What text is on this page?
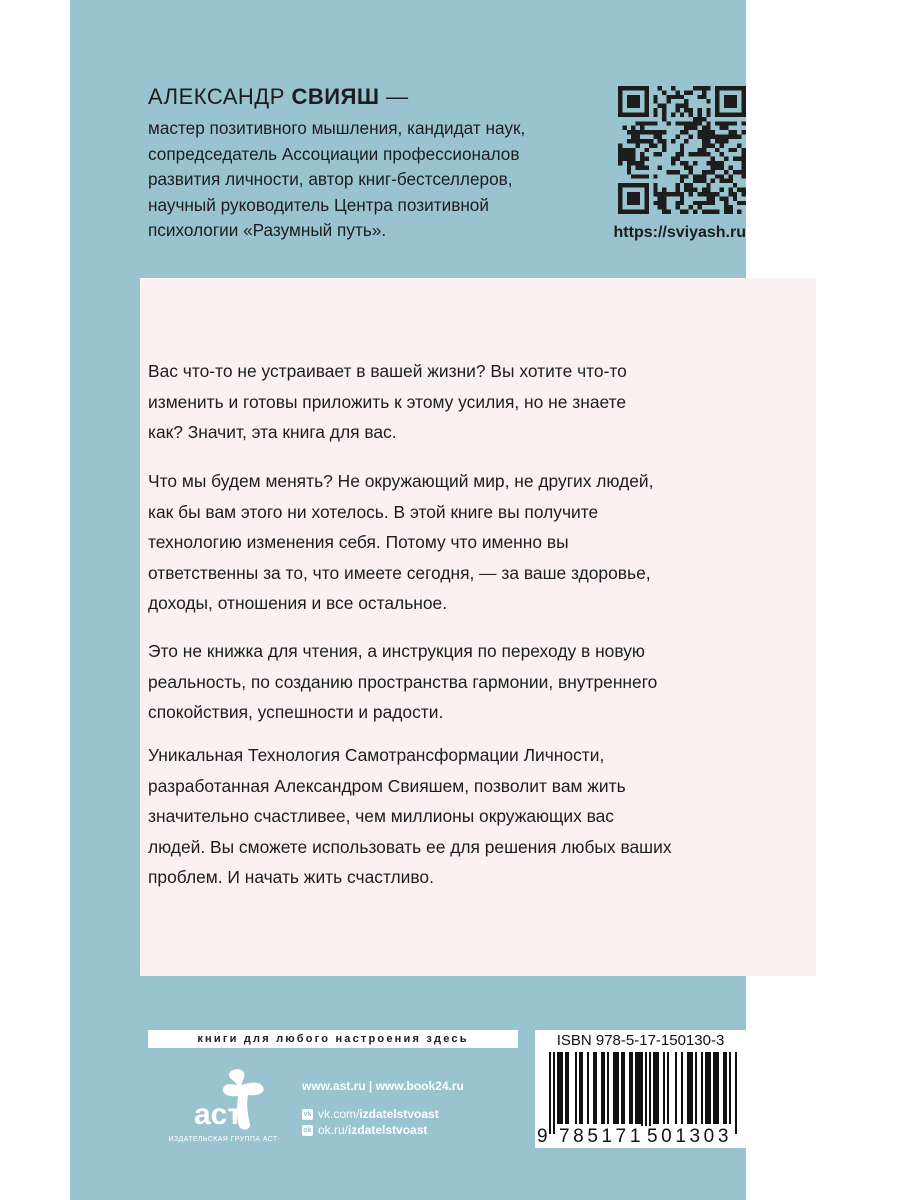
АЛЕКСАНДР СВИЯШ —
мастер позитивного мышления, кандидат наук,
сопредседатель Ассоциации профессионалов
развития личности, автор книг-бестселлеров,
научный руководитель Центра позитивной
психологии «Разумный путь».	https://sviyash.ru
Вас что-то не устраивает в вашей жизни? Вы хотите что-то
изменить и готовы приложить к этому усилия, но не знаете
как? Значит, эта книга для вас.
Что мы будем менять? Не окружающий мир, не других людей,
как бы вам этого ни хотелось. В этой книге вы получите
технологию изменения себя. Потому что именно вы
ответственны за то, что имеете сегодня, — за ваше здоровье,
доходы, отношения и все остальное.
Это не книжка для чтения, а инструкция по переходу в новую
реальность, по созданию пространства гармонии, внутреннего
спокойствия, успешности и радости.
Уникальная Технология Самотрансформации Личности,
разработанная Александром Свияшем, позволит вам жить
значительно счастливее, чем миллионы окружающих вас
людей. Вы сможете использовать ее для решения любых ваших
проблем. И начать жить счастливо.
книги для любого настроения здесь
аст
ИЗДАТЕЛЬСКАЯ ГРУППА АСТ
www.ast.ru | www.book24.ru
vk vk.com/izdatelstvoast
ok ok.ru/izdatelstvoast
ISBN 978-5-17-150130-3
9 785171 501303
